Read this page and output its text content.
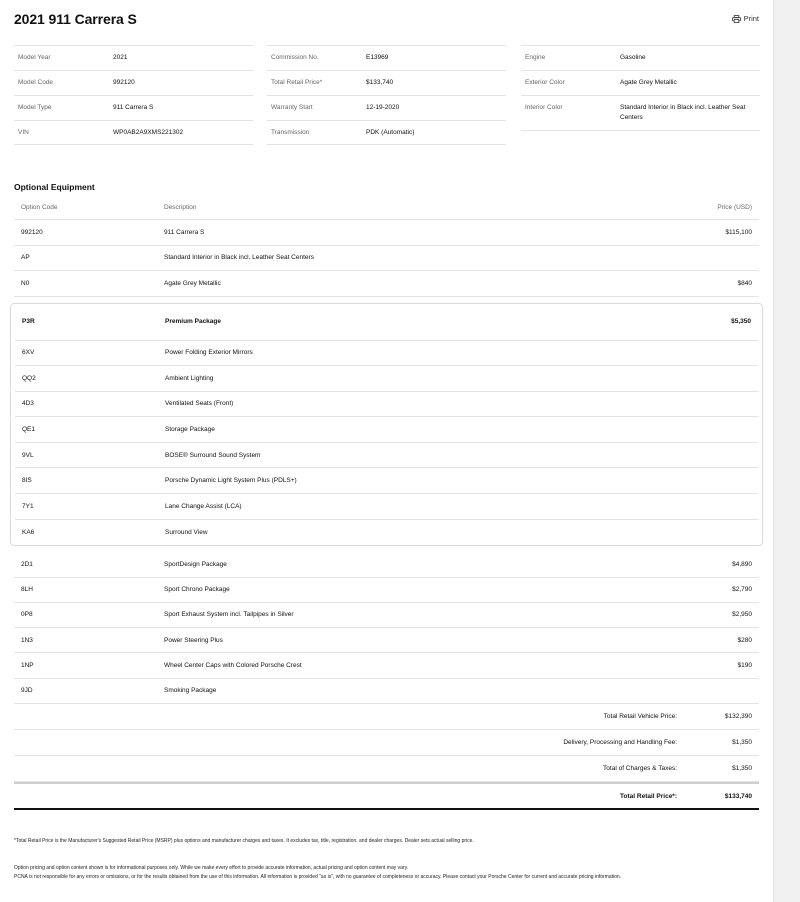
2021 911 Carrera S	Print
Model Year	2021
Model Code	992120
Model Type	911 Carrera S
VIN	WP0AB2A9XMS221302
Commission No.	E13969
Total Retail Price*	$133,740
Warranty Start	12-19-2020
Transmission	PDK (Automatic)
Engine	Gasoline
Exterior Color	Agate Grey Metallic
Interior Color	Standard Interior in Black incl. Leather Seat Centers
Optional Equipment
Option Code	Description	Price (USD)
992120	911 Carrera S	$115,100
AP	Standard Interior in Black incl. Leather Seat Centers
N0	Agate Grey Metallic	$840
P3R	Premium Package	$5,350
6XV	Power Folding Exterior Mirrors
QQ2	Ambient Lighting
4D3	Ventilated Seats (Front)
QE1	Storage Package
9VL	BOSE® Surround Sound System
8IS	Porsche Dynamic Light System Plus (PDLS+)
7Y1	Lane Change Assist (LCA)
KA6	Surround View
2D1	SportDesign Package	$4,890
8LH	Sport Chrono Package	$2,790
0P8	Sport Exhaust System incl. Tailpipes in Silver	$2,950
1N3	Power Steering Plus	$280
1NP	Wheel Center Caps with Colored Porsche Crest	$190
9JD	Smoking Package
Total Retail Vehicle Price:	$132,390
Delivery, Processing and Handling Fee:	$1,350
Total of Charges & Taxes:	$1,350
Total Retail Price*:	$133,740
*Total Retail Price is the Manufacturer's Suggested Retail Price (MSRP) plus options and manufacturer charges and taxes. It excludes tax, title, registration, and dealer charges. Dealer sets actual selling price.
Option pricing and option content shown is for informational purposes only. While we make every effort to provide accurate information, actual pricing and option content may vary.
PCNA is not responsible for any errors or omissions, or for the results obtained from the use of this information. All information is provided "as is", with no guarantee of completeness or accuracy. Please contact your Porsche Center for current and accurate pricing information.
